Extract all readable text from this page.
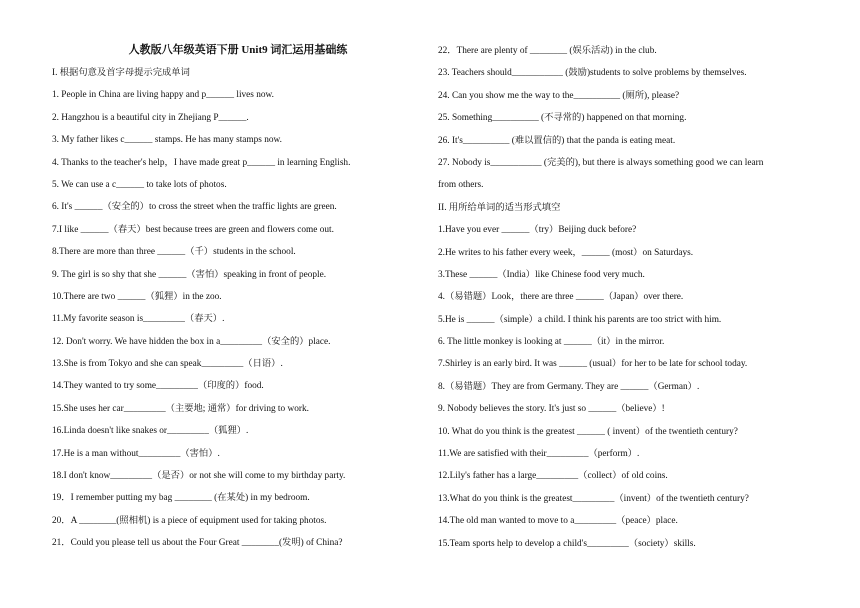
人教版八年级英语下册 Unit9 词汇运用基础练
I. 根据句意及首字母提示完成单词
1. People in China are living happy and p______ lives now.
2. Hangzhou is a beautiful city in Zhejiang P______.
3. My father likes c______ stamps. He has many stamps now.
4. Thanks to the teacher's help，I have made great p______ in learning English.
5. We can use a c______ to take lots of photos.
6. It's ______（安全的）to cross the street when the traffic lights are green.
7.I like ______（春天）best because trees are green and flowers come out.
8.There are more than three ______（千）students in the school.
9. The girl is so shy that she ______（害怕）speaking in front of people.
10.There are two ______（狐狸）in the zoo.
11.My favorite season is_________（春天）.
12. Don't worry. We have hidden the box in a_________（安全的）place.
13.She is from Tokyo and she can speak_________（日语）.
14.They wanted to try some_________（印度的）food.
15.She uses her car_________（主要地; 通常）for driving to work.
16.Linda doesn't like snakes or_________（狐狸）.
17.He is a man without_________（害怕）.
18.I don't know_________（是否）or not she will come to my birthday party.
19．I remember putting my bag ________ (在某处) in my bedroom.
20．A ________(照相机) is a piece of equipment used for taking photos.
21．Could you please tell us about the Four Great ________(发明) of China?
22．There are plenty of ________ (娱乐活动) in the club.
23. Teachers should___________ (鼓励)students to solve problems by themselves.
24. Can you show me the way to the__________ (厕所), please?
25. Something__________ (不寻常的) happened on that morning.
26. It's__________ (难以置信的) that the panda is eating meat.
27. Nobody is___________ (完美的), but there is always something good we can learn
from others.
II. 用所给单词的适当形式填空
1.Have you ever ______（try）Beijing duck before?
2.He writes to his father every week，______ (most）on Saturdays.
3.These ______（India）like Chinese food very much.
4.（易错题）Look，there are three ______（Japan）over there.
5.He is ______（simple）a child. I think his parents are too strict with him.
6. The little monkey is looking at ______（it）in the mirror.
7.Shirley is an early bird. It was ______ (usual）for her to be late for school today.
8.（易错题）They are from Germany. They are ______（German）.
9. Nobody believes the story. It's just so ______（believe）!
10. What do you think is the greatest ______ ( invent）of the twentieth century?
11.We are satisfied with their_________（perform）.
12.Lily's father has a large_________（collect）of old coins.
13.What do you think is the greatest_________（invent）of the twentieth century?
14.The old man wanted to move to a_________（peace）place.
15.Team sports help to develop a child's_________（society）skills.
